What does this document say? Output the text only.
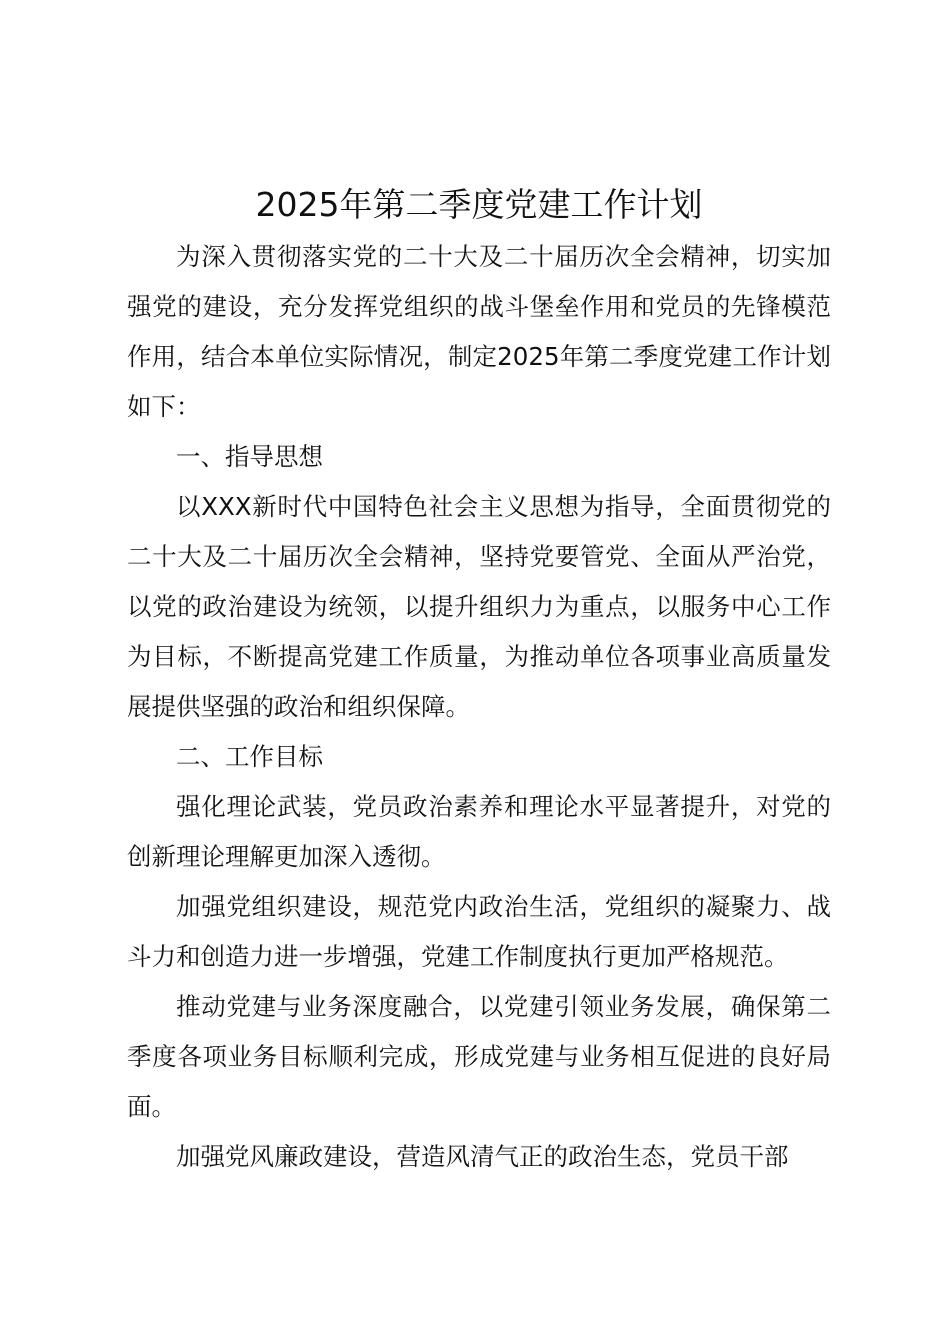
2025年第二季度党建工作计划

为深入贯彻落实党的二十大及二十届历次全会精神，切实加强党的建设，充分发挥党组织的战斗堡垒作用和党员的先锋模范作用，结合本单位实际情况，制定2025年第二季度党建工作计划如下：

一、指导思想

以XXX新时代中国特色社会主义思想为指导，全面贯彻党的二十大及二十届历次全会精神，坚持党要管党、全面从严治党，以党的政治建设为统领，以提升组织力为重点，以服务中心工作为目标，不断提高党建工作质量，为推动单位各项事业高质量发展提供坚强的政治和组织保障。

二、工作目标

强化理论武装，党员政治素养和理论水平显著提升，对党的创新理论理解更加深入透彻。

加强党组织建设，规范党内政治生活，党组织的凝聚力、战斗力和创造力进一步增强，党建工作制度执行更加严格规范。

推动党建与业务深度融合，以党建引领业务发展，确保第二季度各项业务目标顺利完成，形成党建与业务相互促进的良好局面。

加强党风廉政建设，营造风清气正的政治生态，党员干部
